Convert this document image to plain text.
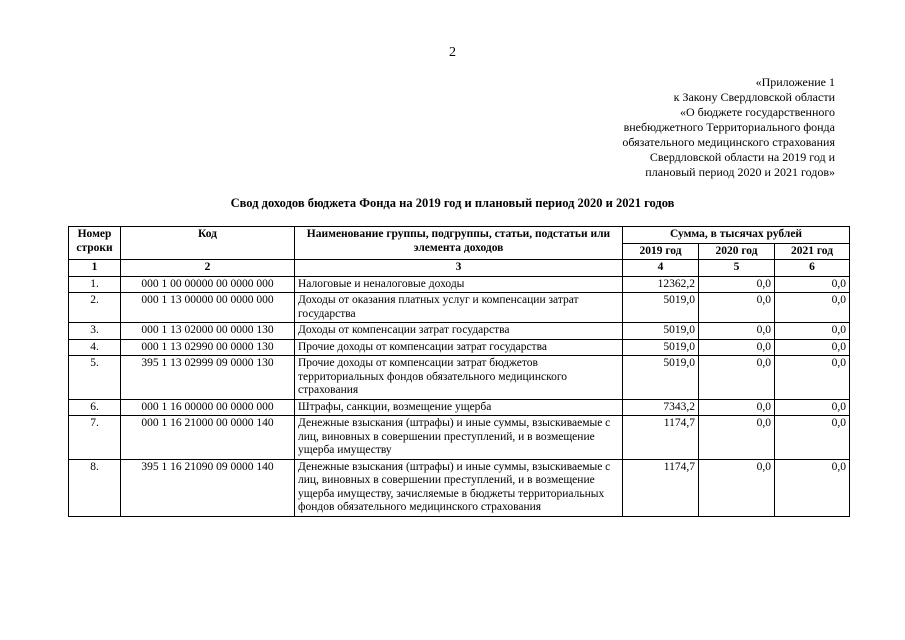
2
«Приложение 1
к Закону Свердловской области
«О бюджете государственного
внебюджетного Территориального фонда
обязательного медицинского страхования
Свердловской области на 2019 год и
плановый период 2020 и 2021 годов»
Свод доходов бюджета Фонда на 2019 год и плановый период 2020 и 2021 годов
Номер строки	Код	Наименование группы, подгруппы, статьи, подстатьи или элемента доходов	Сумма, в тысячах рублей		
			2019 год	2020 год	2021 год
1	2	3	4	5	6
1.	000 1 00 00000 00 0000 000	Налоговые и неналоговые доходы	12362,2	0,0	0,0
2.	000 1 13 00000 00 0000 000	Доходы от оказания платных услуг и компенсации затрат государства	5019,0	0,0	0,0
3.	000 1 13 02000 00 0000 130	Доходы от компенсации затрат государства	5019,0	0,0	0,0
4.	000 1 13 02990 00 0000 130	Прочие доходы от компенсации затрат государства	5019,0	0,0	0,0
5.	395 1 13 02999 09 0000 130	Прочие доходы от компенсации затрат бюджетов территориальных фондов обязательного медицинского страхования	5019,0	0,0	0,0
6.	000 1 16 00000 00 0000 000	Штрафы, санкции, возмещение ущерба	7343,2	0,0	0,0
7.	000 1 16 21000 00 0000 140	Денежные взыскания (штрафы) и иные суммы, взыскиваемые с лиц, виновных в совершении преступлений, и в возмещение ущерба имуществу	1174,7	0,0	0,0
8.	395 1 16 21090 09 0000 140	Денежные взыскания (штрафы) и иные суммы, взыскиваемые с лиц, виновных в совершении преступлений, и в возмещение ущерба имуществу, зачисляемые в бюджеты территориальных фондов обязательного медицинского страхования	1174,7	0,0	0,0
